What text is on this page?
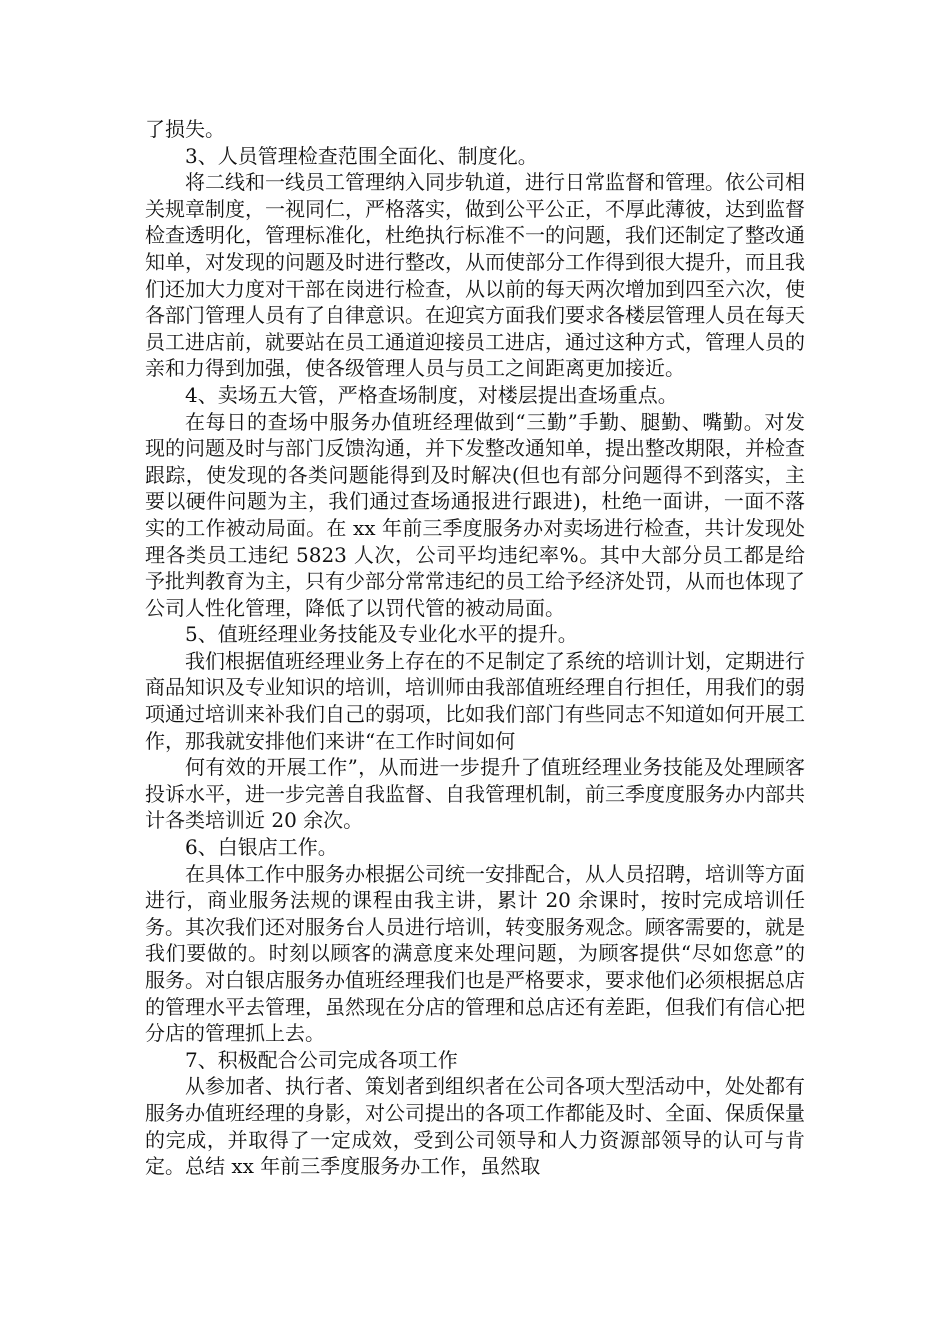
了损失。

3、人员管理检查范围全面化、制度化。

将二线和一线员工管理纳入同步轨道，进行日常监督和管理。依公司相关规章制度，一视同仁，严格落实，做到公平公正，不厚此薄彼，达到监督检查透明化，管理标准化，杜绝执行标准不一的问题，我们还制定了整改通知单，对发现的问题及时进行整改，从而使部分工作得到很大提升，而且我们还加大力度对干部在岗进行检查，从以前的每天两次增加到四至六次，使各部门管理人员有了自律意识。在迎宾方面我们要求各楼层管理人员在每天员工进店前，就要站在员工通道迎接员工进店，通过这种方式，管理人员的亲和力得到加强，使各级管理人员与员工之间距离更加接近。

4、卖场五大管，严格查场制度，对楼层提出查场重点。

在每日的查场中服务办值班经理做到“三勤”手勤、腿勤、嘴勤。对发现的问题及时与部门反馈沟通，并下发整改通知单，提出整改期限，并检查跟踪，使发现的各类问题能得到及时解决(但也有部分问题得不到落实，主要以硬件问题为主，我们通过查场通报进行跟进)，杜绝一面讲，一面不落实的工作被动局面。在 xx 年前三季度服务办对卖场进行检查，共计发现处理各类员工违纪 5823 人次，公司平均违纪率%。其中大部分员工都是给予批判教育为主，只有少部分常常违纪的员工给予经济处罚，从而也体现了公司人性化管理，降低了以罚代管的被动局面。

5、值班经理业务技能及专业化水平的提升。

我们根据值班经理业务上存在的不足制定了系统的培训计划，定期进行商品知识及专业知识的培训，培训师由我部值班经理自行担任，用我们的弱项通过培训来补我们自己的弱项，比如我们部门有些同志不知道如何开展工作，那我就安排他们来讲“在工作时间如何

何有效的开展工作”，从而进一步提升了值班经理业务技能及处理顾客投诉水平，进一步完善自我监督、自我管理机制，前三季度度服务办内部共计各类培训近 20 余次。

6、白银店工作。

在具体工作中服务办根据公司统一安排配合，从人员招聘，培训等方面进行，商业服务法规的课程由我主讲，累计 20 余课时，按时完成培训任务。其次我们还对服务台人员进行培训，转变服务观念。顾客需要的，就是我们要做的。时刻以顾客的满意度来处理问题，为顾客提供“尽如您意”的服务。对白银店服务办值班经理我们也是严格要求，要求他们必须根据总店的管理水平去管理，虽然现在分店的管理和总店还有差距，但我们有信心把分店的管理抓上去。

7、积极配合公司完成各项工作

从参加者、执行者、策划者到组织者在公司各项大型活动中，处处都有服务办值班经理的身影，对公司提出的各项工作都能及时、全面、保质保量的完成，并取得了一定成效，受到公司领导和人力资源部领导的认可与肯定。总结 xx 年前三季度服务办工作，虽然取
